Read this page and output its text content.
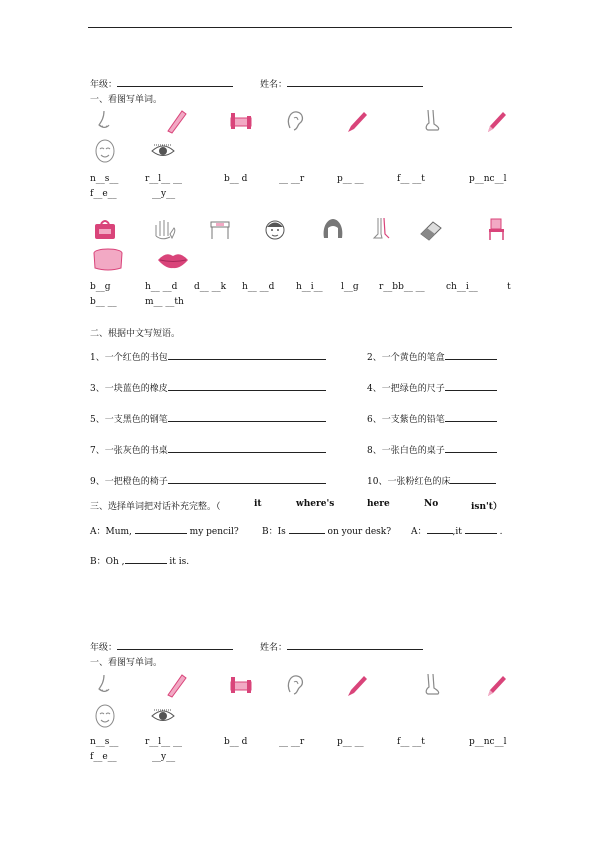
年级：	姓名：
一、看图写单词。
n__s__	r__l__ __	b__ d	__ __r	p__ __	f__ __t	p__nc__l
f__e__	__y__
b__g	h__ __d d__ __k h__ __d h__i__ l__g r__bb__ __ ch__i__	t
b__ __	m__ __th
二、根据中文写短语。
1、一个红色的书包	2、一个黄色的笔盒
3、一块蓝色的橡皮	4、一把绿色的尺子
5、一支黑色的钢笔	6、一支紫色的铅笔
7、一张灰色的书桌	8、一张白色的桌子
9、一把橙色的椅子	10、一张粉红色的床
三、选择单词把对话补充完整。（	it	where's	here	No	isn't）
A：Mum,	my pencil?	B：Is	on your desk? A：	,it	.
B：Oh ,	it is.
年级：	姓名：
一、看图写单词。
n__s__	r__l__ __	b__ d	__ __r	p__ __	f__ __t	p__nc__l
f__e__	__y__
